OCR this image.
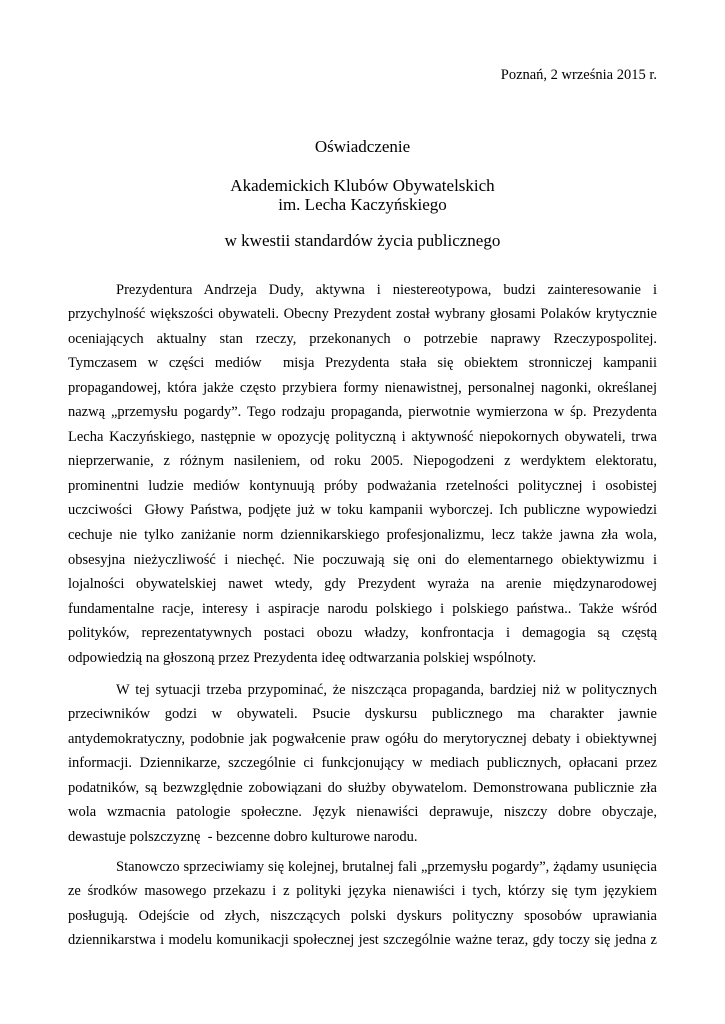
Poznań, 2 września 2015 r.
Oświadczenie
Akademickich Klubów Obywatelskich
im. Lecha Kaczyńskiego
w kwestii standardów życia publicznego
Prezydentura Andrzeja Dudy, aktywna i niestereotypowa, budzi zainteresowanie i
przychylność większości obywateli. Obecny Prezydent został wybrany głosami Polaków krytycznie
oceniających aktualny stan rzeczy, przekonanych o potrzebie naprawy Rzeczypospolitej.
Tymczasem w części mediów  misja Prezydenta stała się obiektem stronniczej kampanii
propagandowej, która jakże często przybiera formy nienawistnej, personalnej nagonki, określanej
nazwą „przemysłu pogardy”. Tego rodzaju propaganda, pierwotnie wymierzona w śp. Prezydenta
Lecha Kaczyńskiego, następnie w opozycję polityczną i aktywność niepokornych obywateli, trwa
nieprzerwanie, z różnym nasileniem, od roku 2005. Niepogodzeni z werdyktem elektoratu,
prominentni ludzie mediów kontynuują próby podważania rzetelności politycznej i osobistej
uczciwości  Głowy Państwa, podjęte już w toku kampanii wyborczej. Ich publiczne wypowiedzi
cechuje nie tylko zaniżanie norm dziennikarskiego profesjonalizmu, lecz także jawna zła wola,
obsesyjna nieżyczliwość i niechęć. Nie poczuwają się oni do elementarnego obiektywizmu i
lojalności obywatelskiej nawet wtedy, gdy Prezydent wyraża na arenie międzynarodowej
fundamentalne racje, interesy i aspiracje narodu polskiego i polskiego państwa.. Także wśród
polityków, reprezentatywnych postaci obozu władzy, konfrontacja i demagogia są częstą
odpowiedzią na głoszoną przez Prezydenta ideę odtwarzania polskiej wspólnoty.
W tej sytuacji trzeba przypominać, że niszcząca propaganda, bardziej niż w politycznych
przeciwników godzi w obywateli. Psucie dyskursu publicznego ma charakter jawnie
antydemokratyczny, podobnie jak pogwałcenie praw ogółu do merytorycznej debaty i obiektywnej
informacji. Dziennikarze, szczególnie ci funkcjonujący w mediach publicznych, opłacani przez
podatników, są bezwzględnie zobowiązani do służby obywatelom. Demonstrowana publicznie zła
wola wzmacnia patologie społeczne. Język nienawiści deprawuje, niszczy dobre obyczaje,
dewastuje polszczyznę  - bezcenne dobro kulturowe narodu.
Stanowczo sprzeciwiamy się kolejnej, brutalnej fali „przemysłu pogardy”, żądamy usunięcia
ze środków masowego przekazu i z polityki języka nienawiści i tych, którzy się tym językiem
posługują. Odejście od złych, niszczących polski dyskurs polityczny sposobów uprawiania
dziennikarstwa i modelu komunikacji społecznej jest szczególnie ważne teraz, gdy toczy się jedna z
